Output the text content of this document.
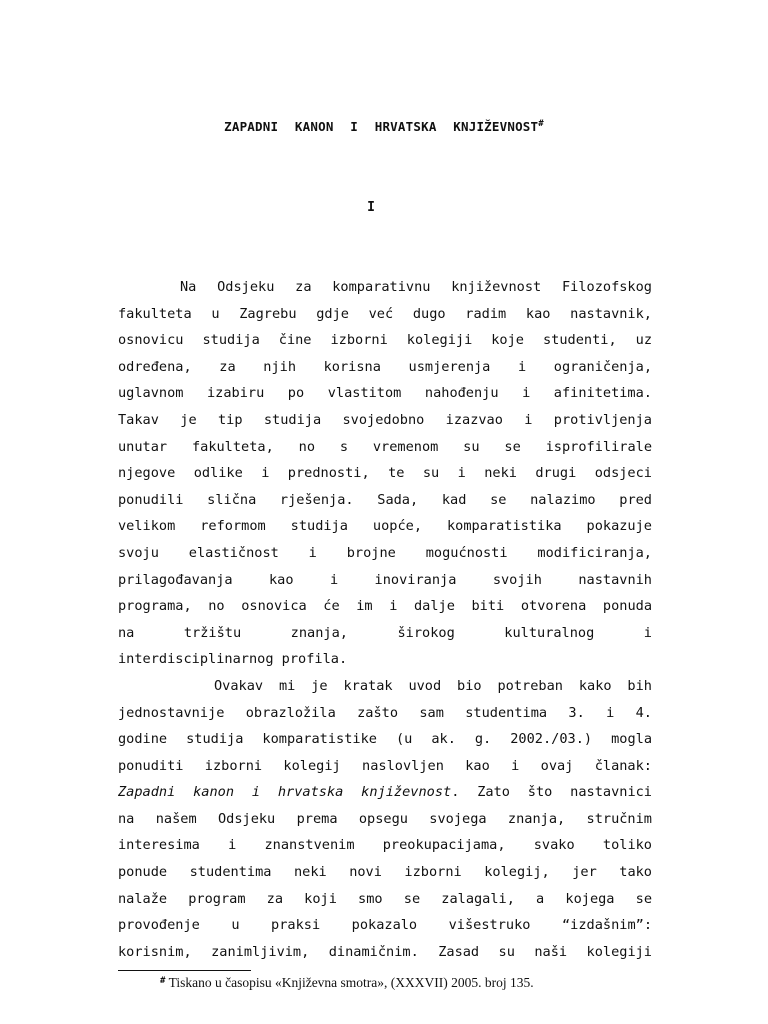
ZAPADNI KANON I HRVATSKA KNJIŽEVNOST#
I
Na Odsjeku za komparativnu književnost Filozofskog
fakulteta u Zagrebu gdje već dugo radim kao nastavnik,
osnovicu studija čine izborni kolegiji koje studenti, uz
određena, za njih korisna usmjerenja i ograničenja,
uglavnom izabiru po vlastitom nahođenju i afinitetima.
Takav je tip studija svojedobno izazvao i protivljenja
unutar fakulteta, no s vremenom su se isprofilirale
njegove odlike i prednosti, te su i neki drugi odsjeci
ponudili slična rješenja. Sada, kad se nalazimo pred
velikom reformom studija uopće, komparatistika pokazuje
svoju elastičnost i brojne mogućnosti modificiranja,
prilagođavanja kao i inoviranja svojih nastavnih
programa, no osnovica će im i dalje biti otvorena ponuda
na tržištu znanja, širokog kulturalnog i
interdisciplinarnog profila.
Ovakav mi je kratak uvod bio potreban kako bih
jednostavnije obrazložila zašto sam studentima 3. i 4.
godine studija komparatistike (u ak. g. 2002./03.) mogla
ponuditi izborni kolegij naslovljen kao i ovaj članak:
Zapadni kanon i hrvatska književnost. Zato što nastavnici
na našem Odsjeku prema opsegu svojega znanja, stručnim
interesima i znanstvenim preokupacijama, svako toliko
ponude studentima neki novi izborni kolegij, jer tako
nalaže program za koji smo se zalagali, a kojega se
provođenje u praksi pokazalo višestruko “izdašnim”:
korisnim, zanimljivim, dinamičnim. Zasad su naši kolegiji
# Tiskano u časopisu «Književna smotra», (XXXVII) 2005. broj 135.
